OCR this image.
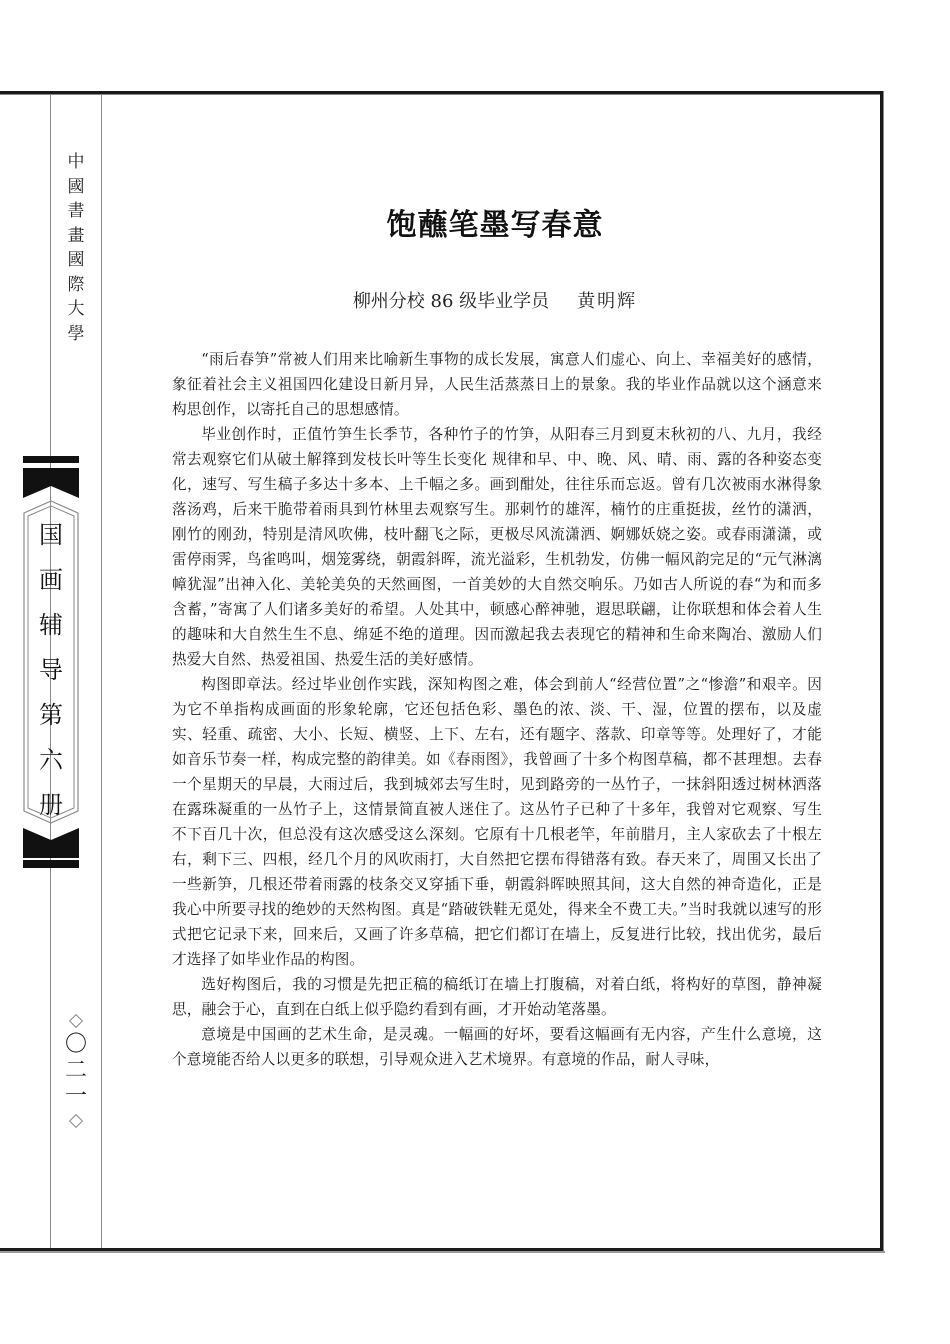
中
國
書
畫
國
際
大
學
国
画
辅
导
第
六
册
〇
二
一
饱蘸笔墨写春意
柳州分校 86 级毕业学员 黄明辉

“雨后春笋”常被人们用来比喻新生事物的成长发展，寓意人们虚心、向上、幸福美好的感情，象征着社会主义祖国四化建设日新月异，人民生活蒸蒸日上的景象。我的毕业作品就以这个涵意来构思创作，以寄托自己的思想感情。

毕业创作时，正值竹笋生长季节，各种竹子的竹笋，从阳春三月到夏末秋初的八、九月，我经常去观察它们从破土解箨到发枝长叶等生长变化 规律和早、中、晚、风、晴、雨、露的各种姿态变化，速写、写生稿子多达十多本、上千幅之多。画到酣处，往往乐而忘返。曾有几次被雨水淋得象落汤鸡，后来干脆带着雨具到竹林里去观察写生。那刺竹的雄浑，楠竹的庄重挺拔，丝竹的潇洒，刚竹的刚劲，特别是清风吹佛，枝叶翻飞之际，更极尽风流潇洒、婀娜妖娆之姿。或春雨潇潇，或雷停雨霁，鸟雀鸣叫，烟笼雾绕，朝霞斜晖，流光溢彩，生机勃发，仿佛一幅风韵完足的“元气淋漓幛犹湿”出神入化、美轮美奂的天然画图，一首美妙的大自然交响乐。乃如古人所说的春“为和而多含蓄，”寄寓了人们诸多美好的希望。人处其中，顿感心醉神驰，遐思联翩，让你联想和体会着人生的趣味和大自然生生不息、绵延不绝的道理。因而激起我去表现它的精神和生命来陶冶、激励人们热爱大自然、热爱祖国、热爱生活的美好感情。

构图即章法。经过毕业创作实践，深知构图之难，体会到前人“经营位置”之“惨澹”和艰辛。因为它不单指构成画面的形象轮廓，它还包括色彩、墨色的浓、淡、干、湿，位置的摆布，以及虚实、轻重、疏密、大小、长短、横竖、上下、左右，还有题字、落款、印章等等。处理好了，才能如音乐节奏一样，构成完整的韵律美。如《春雨图》，我曾画了十多个构图草稿，都不甚理想。去春一个星期天的早晨，大雨过后，我到城郊去写生时，见到路旁的一丛竹子，一抹斜阳透过树林洒落在露珠凝重的一丛竹子上，这情景简直被人迷住了。这丛竹子已种了十多年，我曾对它观察、写生不下百几十次，但总没有这次感受这么深刻。它原有十几根老竿，年前腊月，主人家砍去了十根左右，剩下三、四根，经几个月的风吹雨打，大自然把它摆布得错落有致。春天来了，周围又长出了一些新笋，几根还带着雨露的枝条交叉穿插下垂，朝霞斜晖映照其间，这大自然的神奇造化，正是我心中所要寻找的绝妙的天然构图。真是“踏破铁鞋无觅处，得来全不费工夫。”当时我就以速写的形式把它记录下来，回来后，又画了许多草稿，把它们都订在墙上，反复进行比较，找出优劣，最后才选择了如毕业作品的构图。

选好构图后，我的习惯是先把正稿的稿纸订在墙上打腹稿，对着白纸，将构好的草图，静神凝思，融会于心，直到在白纸上似乎隐约看到有画，才开始动笔落墨。

意境是中国画的艺术生命，是灵魂。一幅画的好坏，要看这幅画有无内容，产生什么意境，这个意境能否给人以更多的联想，引导观众进入艺术境界。有意境的作品，耐人寻味，
